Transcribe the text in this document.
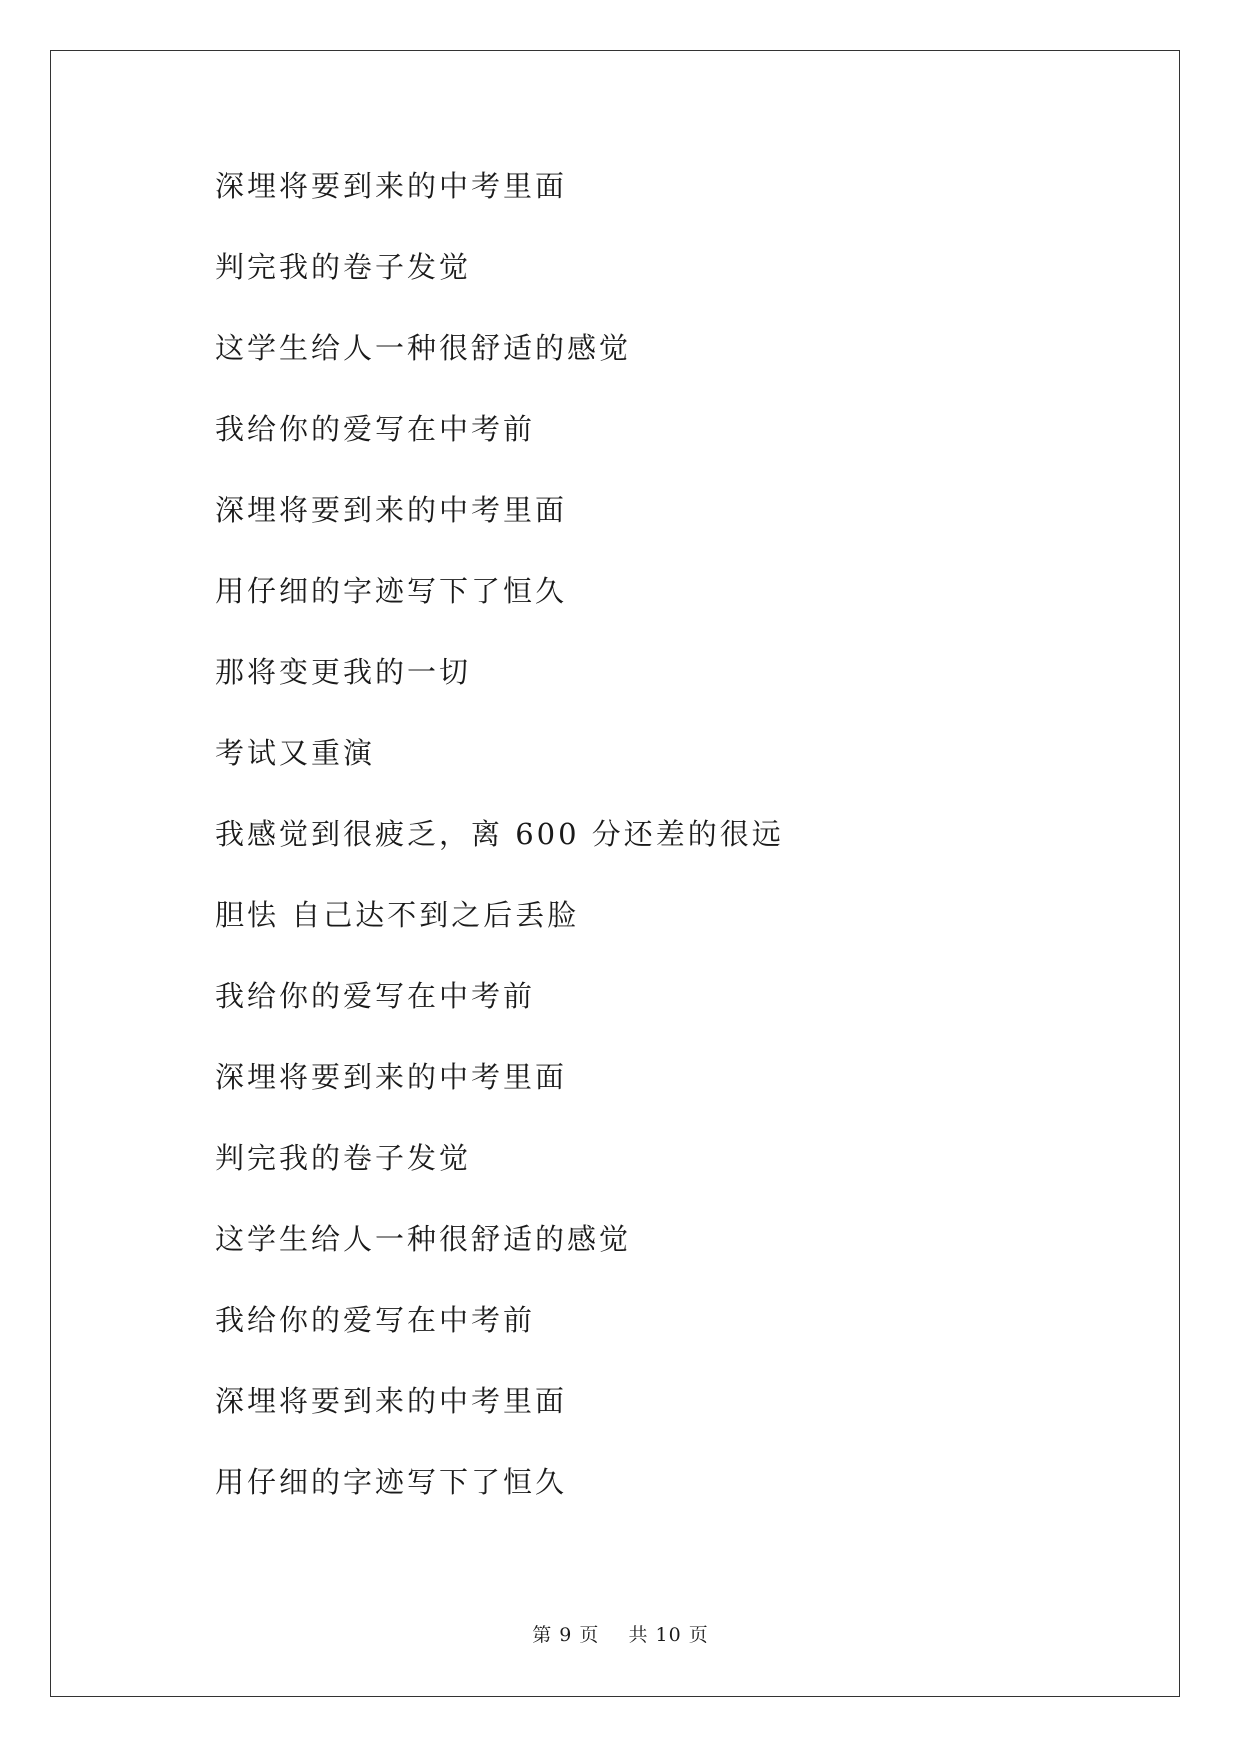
深埋将要到来的中考里面
判完我的卷子发觉
这学生给人一种很舒适的感觉
我给你的爱写在中考前
深埋将要到来的中考里面
用仔细的字迹写下了恒久
那将变更我的一切
考试又重演
我感觉到很疲乏，离 600 分还差的很远
胆怯 自己达不到之后丢脸
我给你的爱写在中考前
深埋将要到来的中考里面
判完我的卷子发觉
这学生给人一种很舒适的感觉
我给你的爱写在中考前
深埋将要到来的中考里面
用仔细的字迹写下了恒久
第 9 页 共 10 页
